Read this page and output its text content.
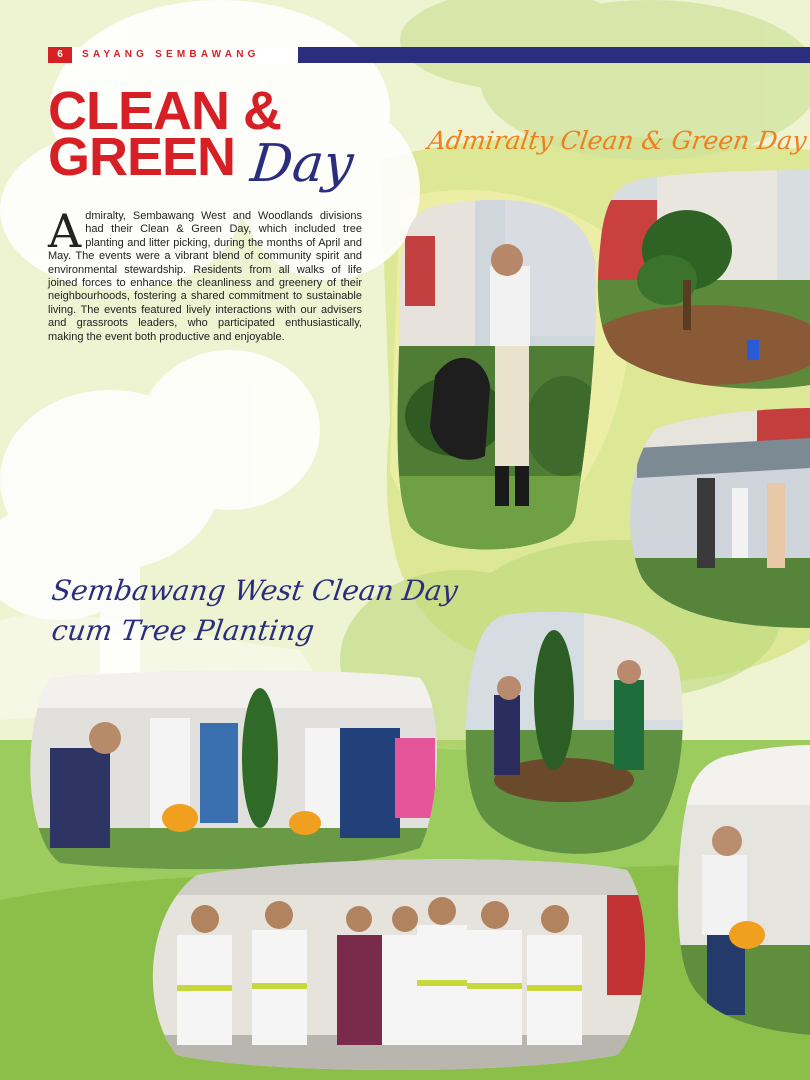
6	SAYANG SEMBAWANG
CLEAN &
GREEN Day
Admiralty, Sembawang West and Woodlands divisions had their Clean & Green Day, which included tree planting and litter picking, during the months of April and May. The events were a vibrant blend of community spirit and environmental stewardship. Residents from all walks of life joined forces to enhance the cleanliness and greenery of their neighbourhoods, fostering a shared commitment to sustainable living. The events featured lively interactions with our advisers and grassroots leaders, who participated enthusiastically, making the event both productive and enjoyable.
Admiralty Clean & Green Day
Sembawang West Clean Day
cum Tree Planting
